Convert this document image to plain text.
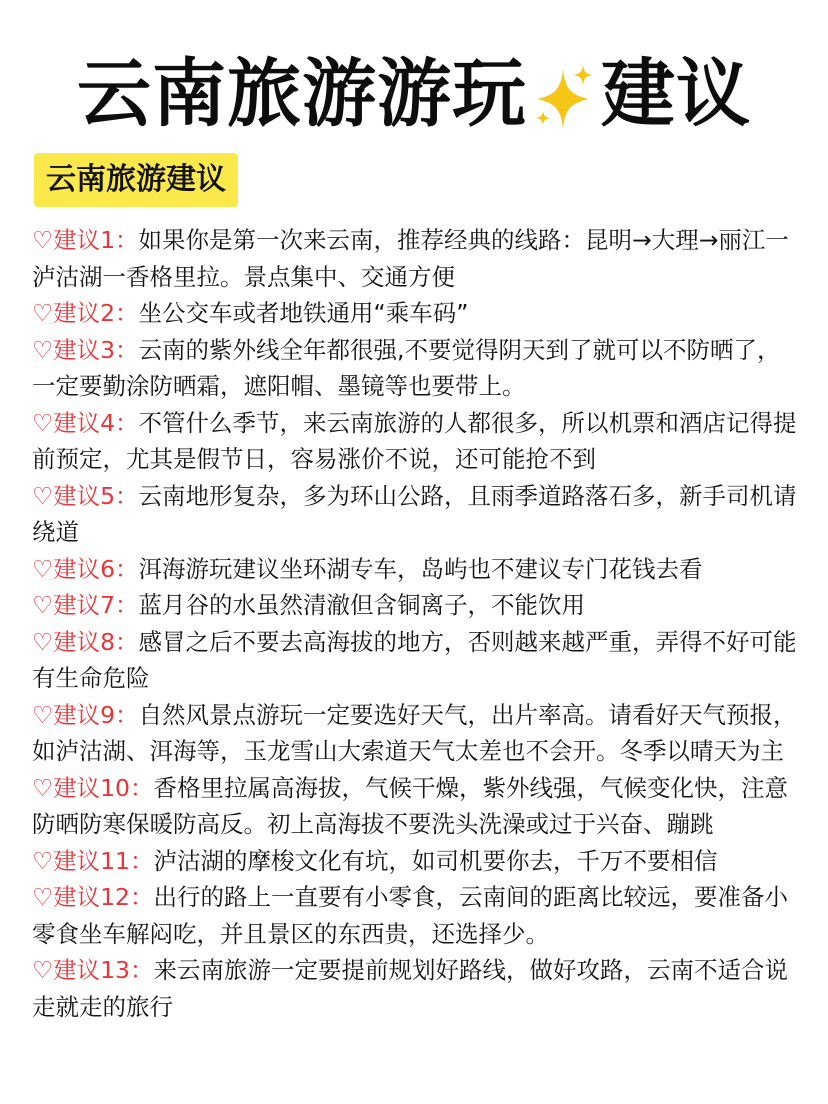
云南旅游游玩 建议
云南旅游建议

♡建议1：如果你是第一次来云南，推荐经典的线路：昆明→大理→丽江一泸沽湖一香格里拉。景点集中、交通方便

♡建议2：坐公交车或者地铁通用“乘车码”

♡建议3：云南的紫外线全年都很强,不要觉得阴天到了就可以不防晒了，一定要勤涂防晒霜，遮阳帽、墨镜等也要带上。

♡建议4：不管什么季节，来云南旅游的人都很多，所以机票和酒店记得提前预定，尤其是假节日，容易涨价不说，还可能抢不到

♡建议5：云南地形复杂，多为环山公路，且雨季道路落石多，新手司机请绕道

♡建议6：洱海游玩建议坐环湖专车，岛屿也不建议专门花钱去看

♡建议7：蓝月谷的水虽然清澈但含铜离子，不能饮用

♡建议8：感冒之后不要去高海拔的地方，否则越来越严重，弄得不好可能有生命危险

♡建议9：自然风景点游玩一定要选好天气，出片率高。请看好天气预报，如泸沽湖、洱海等，玉龙雪山大索道天气太差也不会开。冬季以晴天为主

♡建议10：香格里拉属高海拔，气候干燥，紫外线强，气候变化快，注意防晒防寒保暖防高反。初上高海拔不要洗头洗澡或过于兴奋、蹦跳

♡建议11：泸沽湖的摩梭文化有坑，如司机要你去，千万不要相信

♡建议12：出行的路上一直要有小零食，云南间的距离比较远，要准备小零食坐车解闷吃，并且景区的东西贵，还选择少。

♡建议13：来云南旅游一定要提前规划好路线，做好攻路，云南不适合说走就走的旅行
